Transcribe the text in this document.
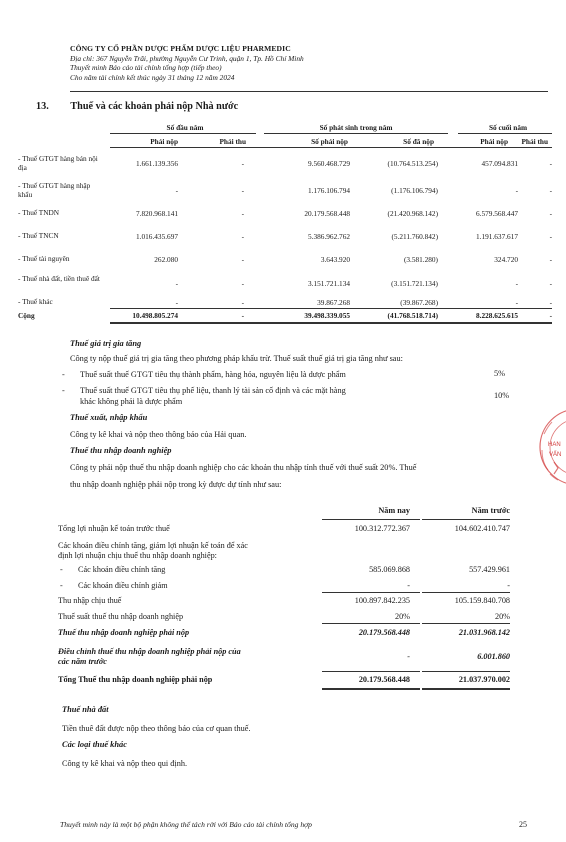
CÔNG TY CỔ PHẦN DƯỢC PHẨM DƯỢC LIỆU PHARMEDIC
Địa chỉ: 367 Nguyễn Trãi, phường Nguyễn Cư Trinh, quận 1, Tp. Hồ Chí Minh
Thuyết minh Báo cáo tài chính tổng hợp (tiếp theo)
Cho năm tài chính kết thúc ngày 31 tháng 12 năm 2024
13. Thuế và các khoản phải nộp Nhà nước
Số đầu năm	Số phát sinh trong năm	Số cuối năm
Phải nộp	Phải thu	Số phải nộp	Số đã nộp	Phải nộp	Phải thu
- Thuế GTGT hàng bán nội địa	1.661.139.356	-	9.560.468.729	(10.764.513.254)	457.094.831	-
- Thuế GTGT hàng nhập khẩu	-	-	1.176.106.794	(1.176.106.794)	-	-
- Thuế TNDN	7.820.968.141	-	20.179.568.448	(21.420.968.142)	6.579.568.447	-
- Thuế TNCN	1.016.435.697	-	5.386.962.762	(5.211.760.842)	1.191.637.617	-
- Thuế tài nguyên	262.080	-	3.643.920	(3.581.280)	324.720	-
- Thuế nhà đất, tiền thuê đất
-	-	3.151.721.134	(3.151.721.134)	-	-
- Thuế khác	-	-	39.867.268	(39.867.268)	-	-
Cộng	10.498.805.274	-	39.498.339.055	(41.768.518.714)	8.228.625.615	-
Thuế giá trị gia tăng
Công ty nộp thuế giá trị gia tăng theo phương pháp khấu trừ. Thuế suất thuế giá trị gia tăng như sau:
- Thuế suất thuế GTGT tiêu thụ thành phẩm, hàng hóa, nguyên liệu là dược phẩm	5%
- Thuế suất thuế GTGT tiêu thụ phế liệu, thanh lý tài sản cố định và các mặt hàng
khác không phải là dược phẩm
10%
Thuế xuất, nhập khẩu
Công ty kê khai và nộp theo thông báo của Hải quan.
Thuế thu nhập doanh nghiệp
Công ty phải nộp thuế thu nhập doanh nghiệp cho các khoản thu nhập tính thuế với thuế suất 20%. Thuế
thu nhập doanh nghiệp phải nộp trong kỳ được dự tính như sau:
Năm nay	Năm trước
Tổng lợi nhuận kế toán trước thuế	100.312.772.367	104.602.410.747
Các khoản điều chỉnh tăng, giảm lợi nhuận kế toán để xác
định lợi nhuận chịu thuế thu nhập doanh nghiệp:
-	Các khoản điều chỉnh tăng	585.069.868	557.429.961
-	Các khoản điều chỉnh giảm	-	-
Thu nhập chịu thuế	100.897.842.235	105.159.840.708
Thuế suất thuế thu nhập doanh nghiệp	20%	20%
Thuế thu nhập doanh nghiệp phải nộp	20.179.568.448	21.031.968.142
Điều chỉnh thuế thu nhập doanh nghiệp phải nộp của
các năm trước
-	6.001.860
Tổng Thuế thu nhập doanh nghiệp phải nộp	20.179.568.448	21.037.970.002
Thuế nhà đất
Tiền thuê đất được nộp theo thông báo của cơ quan thuế.
Các loại thuế khác
Công ty kê khai và nộp theo qui định.
Thuyết minh này là một bộ phận không thể tách rời với Báo cáo tài chính tổng hợp	25
HAN
VẤN
